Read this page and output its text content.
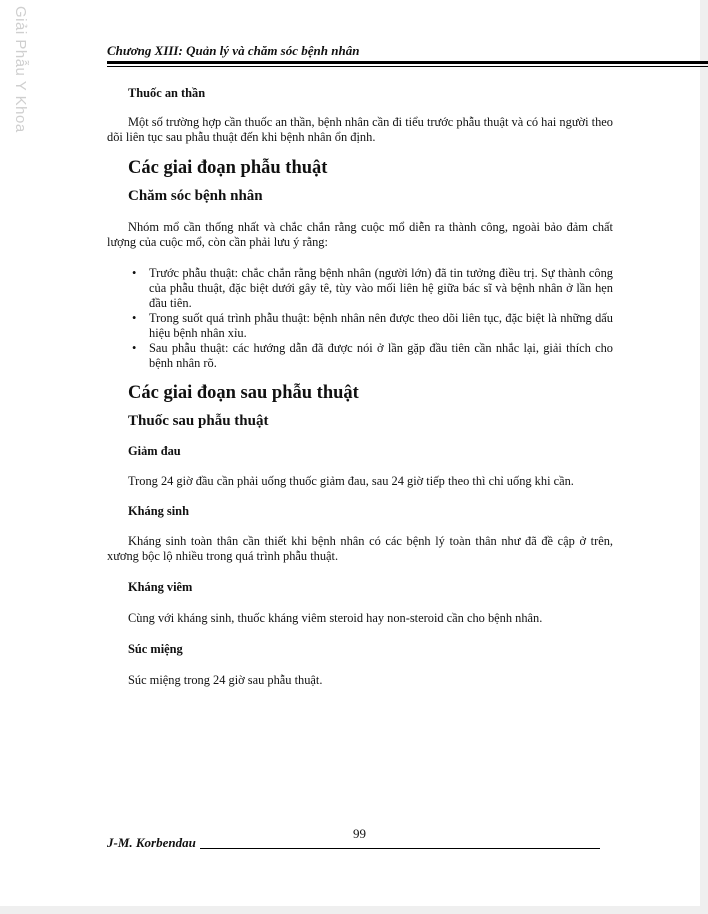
Giải Phẫu Y Khoa	Chương XIII: Quản lý và chăm sóc bệnh nhân
Thuốc an thần

Một số trường hợp cần thuốc an thần, bệnh nhân cần đi tiểu trước phẫu thuật và có hai người theo dõi liên tục sau phẫu thuật đến khi bệnh nhân ổn định.

Các giai đoạn phẫu thuật
Chăm sóc bệnh nhân

Nhóm mổ cần thống nhất và chắc chắn rằng cuộc mổ diễn ra thành công, ngoài bảo đảm chất lượng của cuộc mổ, còn cần phải lưu ý rằng:

• Trước phẫu thuật: chắc chắn rằng bệnh nhân (người lớn) đã tin tưởng điều trị. Sự thành công của phẫu thuật, đặc biệt dưới gây tê, tùy vào mối liên hệ giữa bác sĩ và bệnh nhân ở lần hẹn đầu tiên.
• Trong suốt quá trình phẫu thuật: bệnh nhân nên được theo dõi liên tục, đặc biệt là những dấu hiệu bệnh nhân xỉu.
• Sau phẫu thuật: các hướng dẫn đã được nói ở lần gặp đầu tiên cần nhắc lại, giải thích cho bệnh nhân rõ.
Các giai đoạn sau phẫu thuật
Thuốc sau phẫu thuật
Giảm đau

Trong 24 giờ đầu cần phải uống thuốc giảm đau, sau 24 giờ tiếp theo thì chỉ uống khi cần.

Kháng sinh

Kháng sinh toàn thân cần thiết khi bệnh nhân có các bệnh lý toàn thân như đã đề cập ở trên, xương bộc lộ nhiều trong quá trình phẫu thuật.

Kháng viêm

Cùng với kháng sinh, thuốc kháng viêm steroid hay non-steroid cần cho bệnh nhân.

Súc miệng

Súc miệng trong 24 giờ sau phẫu thuật.

99
J-M. Korbendau
